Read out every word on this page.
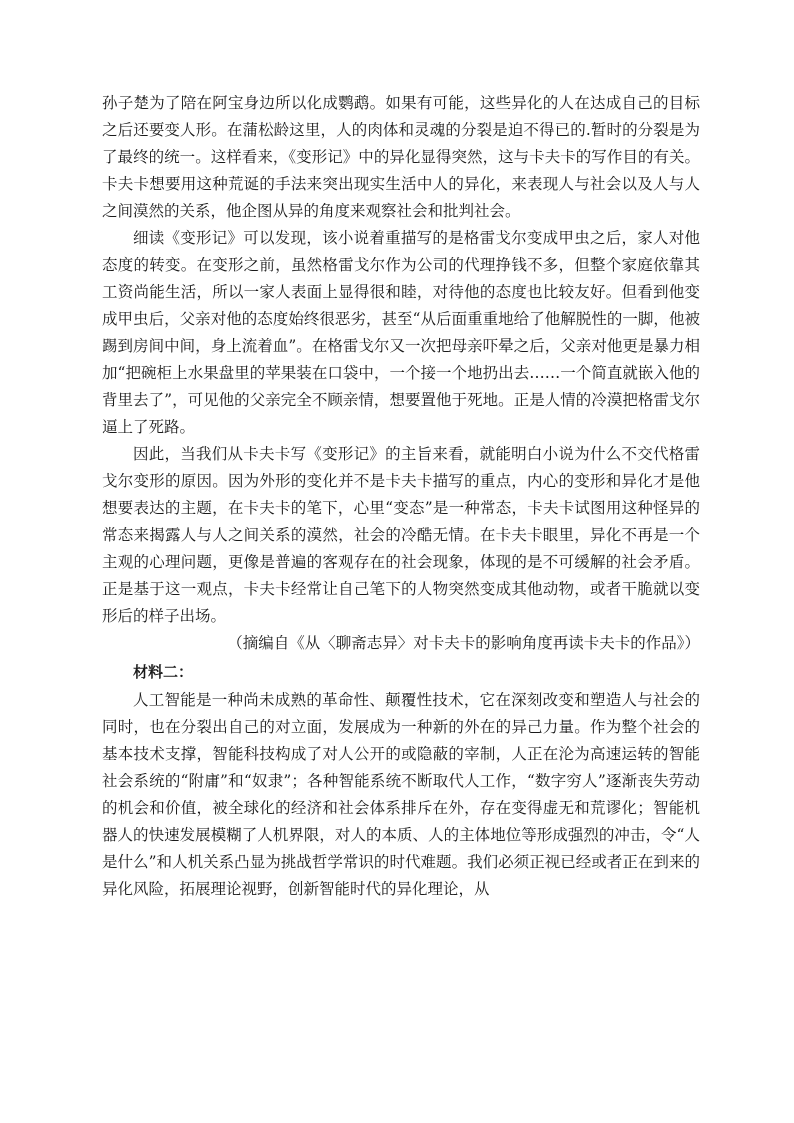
孙子楚为了陪在阿宝身边所以化成鹦鹉。如果有可能，这些异化的人在达成自己的目标之后还要变人形。在蒲松龄这里，人的肉体和灵魂的分裂是迫不得已的.暂时的分裂是为了最终的统一。这样看来，《变形记》中的异化显得突然，这与卡夫卡的写作目的有关。卡夫卡想要用这种荒诞的手法来突出现实生活中人的异化，来表现人与社会以及人与人之间漠然的关系，他企图从异的角度来观察社会和批判社会。

细读《变形记》可以发现，该小说着重描写的是格雷戈尔变成甲虫之后，家人对他态度的转变。在变形之前，虽然格雷戈尔作为公司的代理挣钱不多，但整个家庭依靠其工资尚能生活，所以一家人表面上显得很和睦，对待他的态度也比较友好。但看到他变成甲虫后，父亲对他的态度始终很恶劣，甚至“从后面重重地给了他解脱性的一脚，他被踢到房间中间，身上流着血”。在格雷戈尔又一次把母亲吓晕之后，父亲对他更是暴力相加“把碗柜上水果盘里的苹果装在口袋中，一个接一个地扔出去……一个简直就嵌入他的背里去了”，可见他的父亲完全不顾亲情，想要置他于死地。正是人情的冷漠把格雷戈尔逼上了死路。

因此，当我们从卡夫卡写《变形记》的主旨来看，就能明白小说为什么不交代格雷戈尔变形的原因。因为外形的变化并不是卡夫卡描写的重点，内心的变形和异化才是他想要表达的主题，在卡夫卡的笔下，心里“变态”是一种常态，卡夫卡试图用这种怪异的常态来揭露人与人之间关系的漠然，社会的冷酷无情。在卡夫卡眼里，异化不再是一个主观的心理问题，更像是普遍的客观存在的社会现象，体现的是不可缓解的社会矛盾。正是基于这一观点，卡夫卡经常让自己笔下的人物突然变成其他动物，或者干脆就以变形后的样子出场。

（摘编自《从〈聊斋志异〉对卡夫卡的影响角度再读卡夫卡的作品》）

材料二：

人工智能是一种尚未成熟的革命性、颠覆性技术，它在深刻改变和塑造人与社会的同时，也在分裂出自己的对立面，发展成为一种新的外在的异己力量。作为整个社会的基本技术支撑，智能科技构成了对人公开的或隐蔽的宰制，人正在沦为高速运转的智能社会系统的“附庸”和“奴隶”；各种智能系统不断取代人工作，“数字穷人”逐渐丧失劳动的机会和价值，被全球化的经济和社会体系排斥在外，存在变得虚无和荒谬化；智能机器人的快速发展模糊了人机界限，对人的本质、人的主体地位等形成强烈的冲击，令“人是什么”和人机关系凸显为挑战哲学常识的时代难题。我们必须正视已经或者正在到来的异化风险，拓展理论视野，创新智能时代的异化理论，从
